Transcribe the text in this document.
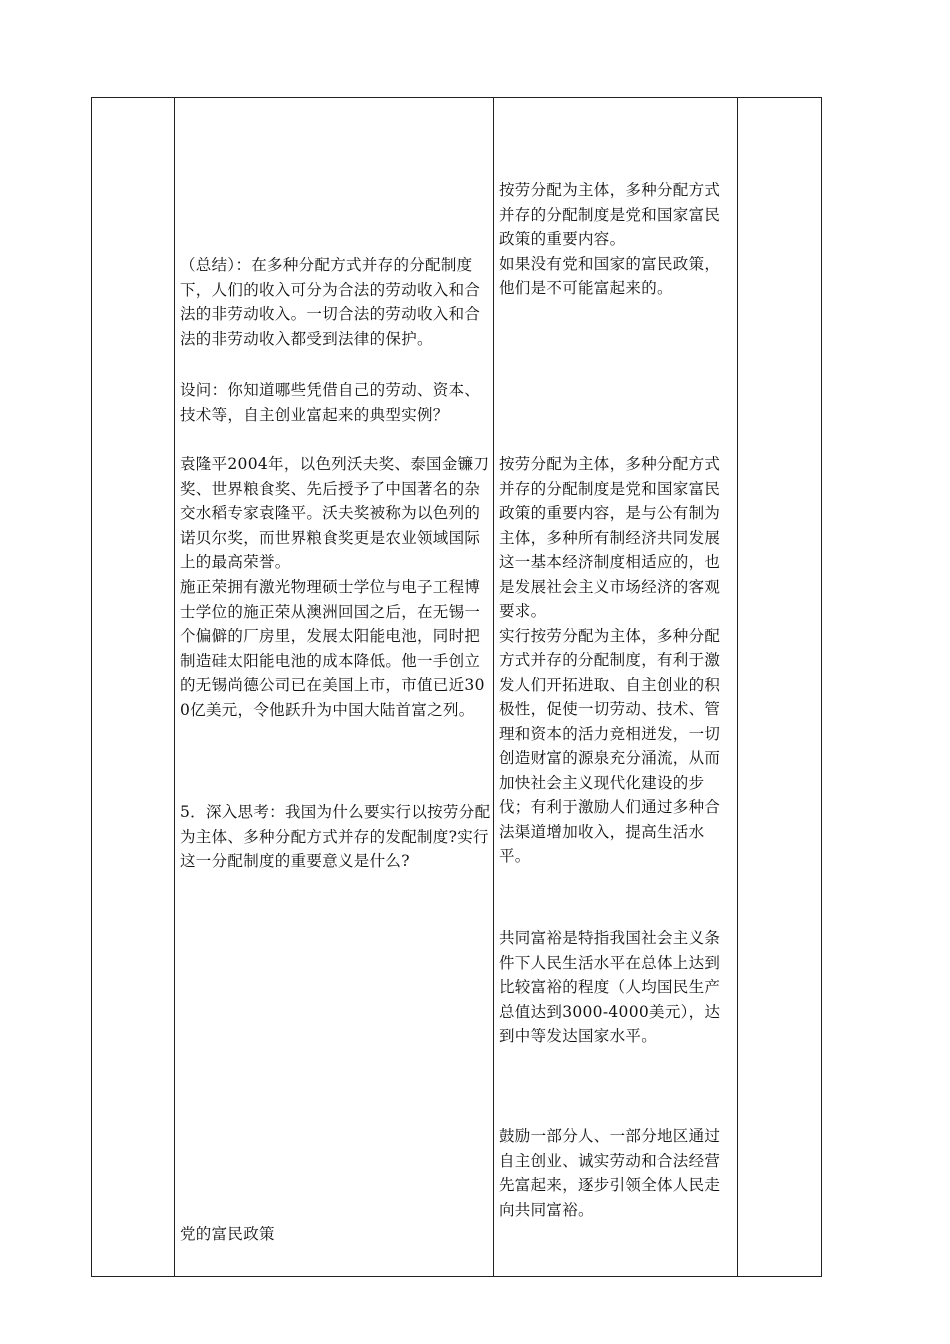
（总结）：在多种分配方式并存的分配制度下，人们的收入可分为合法的劳动收入和合法的非劳动收入。一切合法的劳动收入和合法的非劳动收入都受到法律的保护。
设问：你知道哪些凭借自己的劳动、资本、技术等，自主创业富起来的典型实例？
袁隆平2004年，以色列沃夫奖、泰国金镰刀奖、世界粮食奖、先后授予了中国著名的杂交水稻专家袁隆平。沃夫奖被称为以色列的诺贝尔奖，而世界粮食奖更是农业领域国际上的最高荣誉。
施正荣拥有激光物理硕士学位与电子工程博士学位的施正荣从澳洲回国之后，在无锡一个偏僻的厂房里，发展太阳能电池，同时把制造硅太阳能电池的成本降低。他一手创立的无锡尚德公司已在美国上市，市值已近300亿美元，令他跃升为中国大陆首富之列。
5．深入思考：我国为什么要实行以按劳分配为主体、多种分配方式并存的发配制度?实行这一分配制度的重要意义是什么?
党的富民政策
按劳分配为主体，多种分配方式并存的分配制度是党和国家富民政策的重要内容。
如果没有党和国家的富民政策，他们是不可能富起来的。
按劳分配为主体，多种分配方式并存的分配制度是党和国家富民政策的重要内容，是与公有制为主体，多种所有制经济共同发展这一基本经济制度相适应的，也是发展社会主义市场经济的客观要求。
实行按劳分配为主体，多种分配方式并存的分配制度，有利于激发人们开拓进取、自主创业的积极性，促使一切劳动、技术、管理和资本的活力竞相迸发，一切创造财富的源泉充分涌流，从而加快社会主义现代化建设的步伐；有利于激励人们通过多种合法渠道增加收入，提高生活水平。
共同富裕是特指我国社会主义条件下人民生活水平在总体上达到比较富裕的程度（人均国民生产总值达到3000-4000美元），达到中等发达国家水平。
鼓励一部分人、一部分地区通过自主创业、诚实劳动和合法经营先富起来，逐步引领全体人民走向共同富裕。
